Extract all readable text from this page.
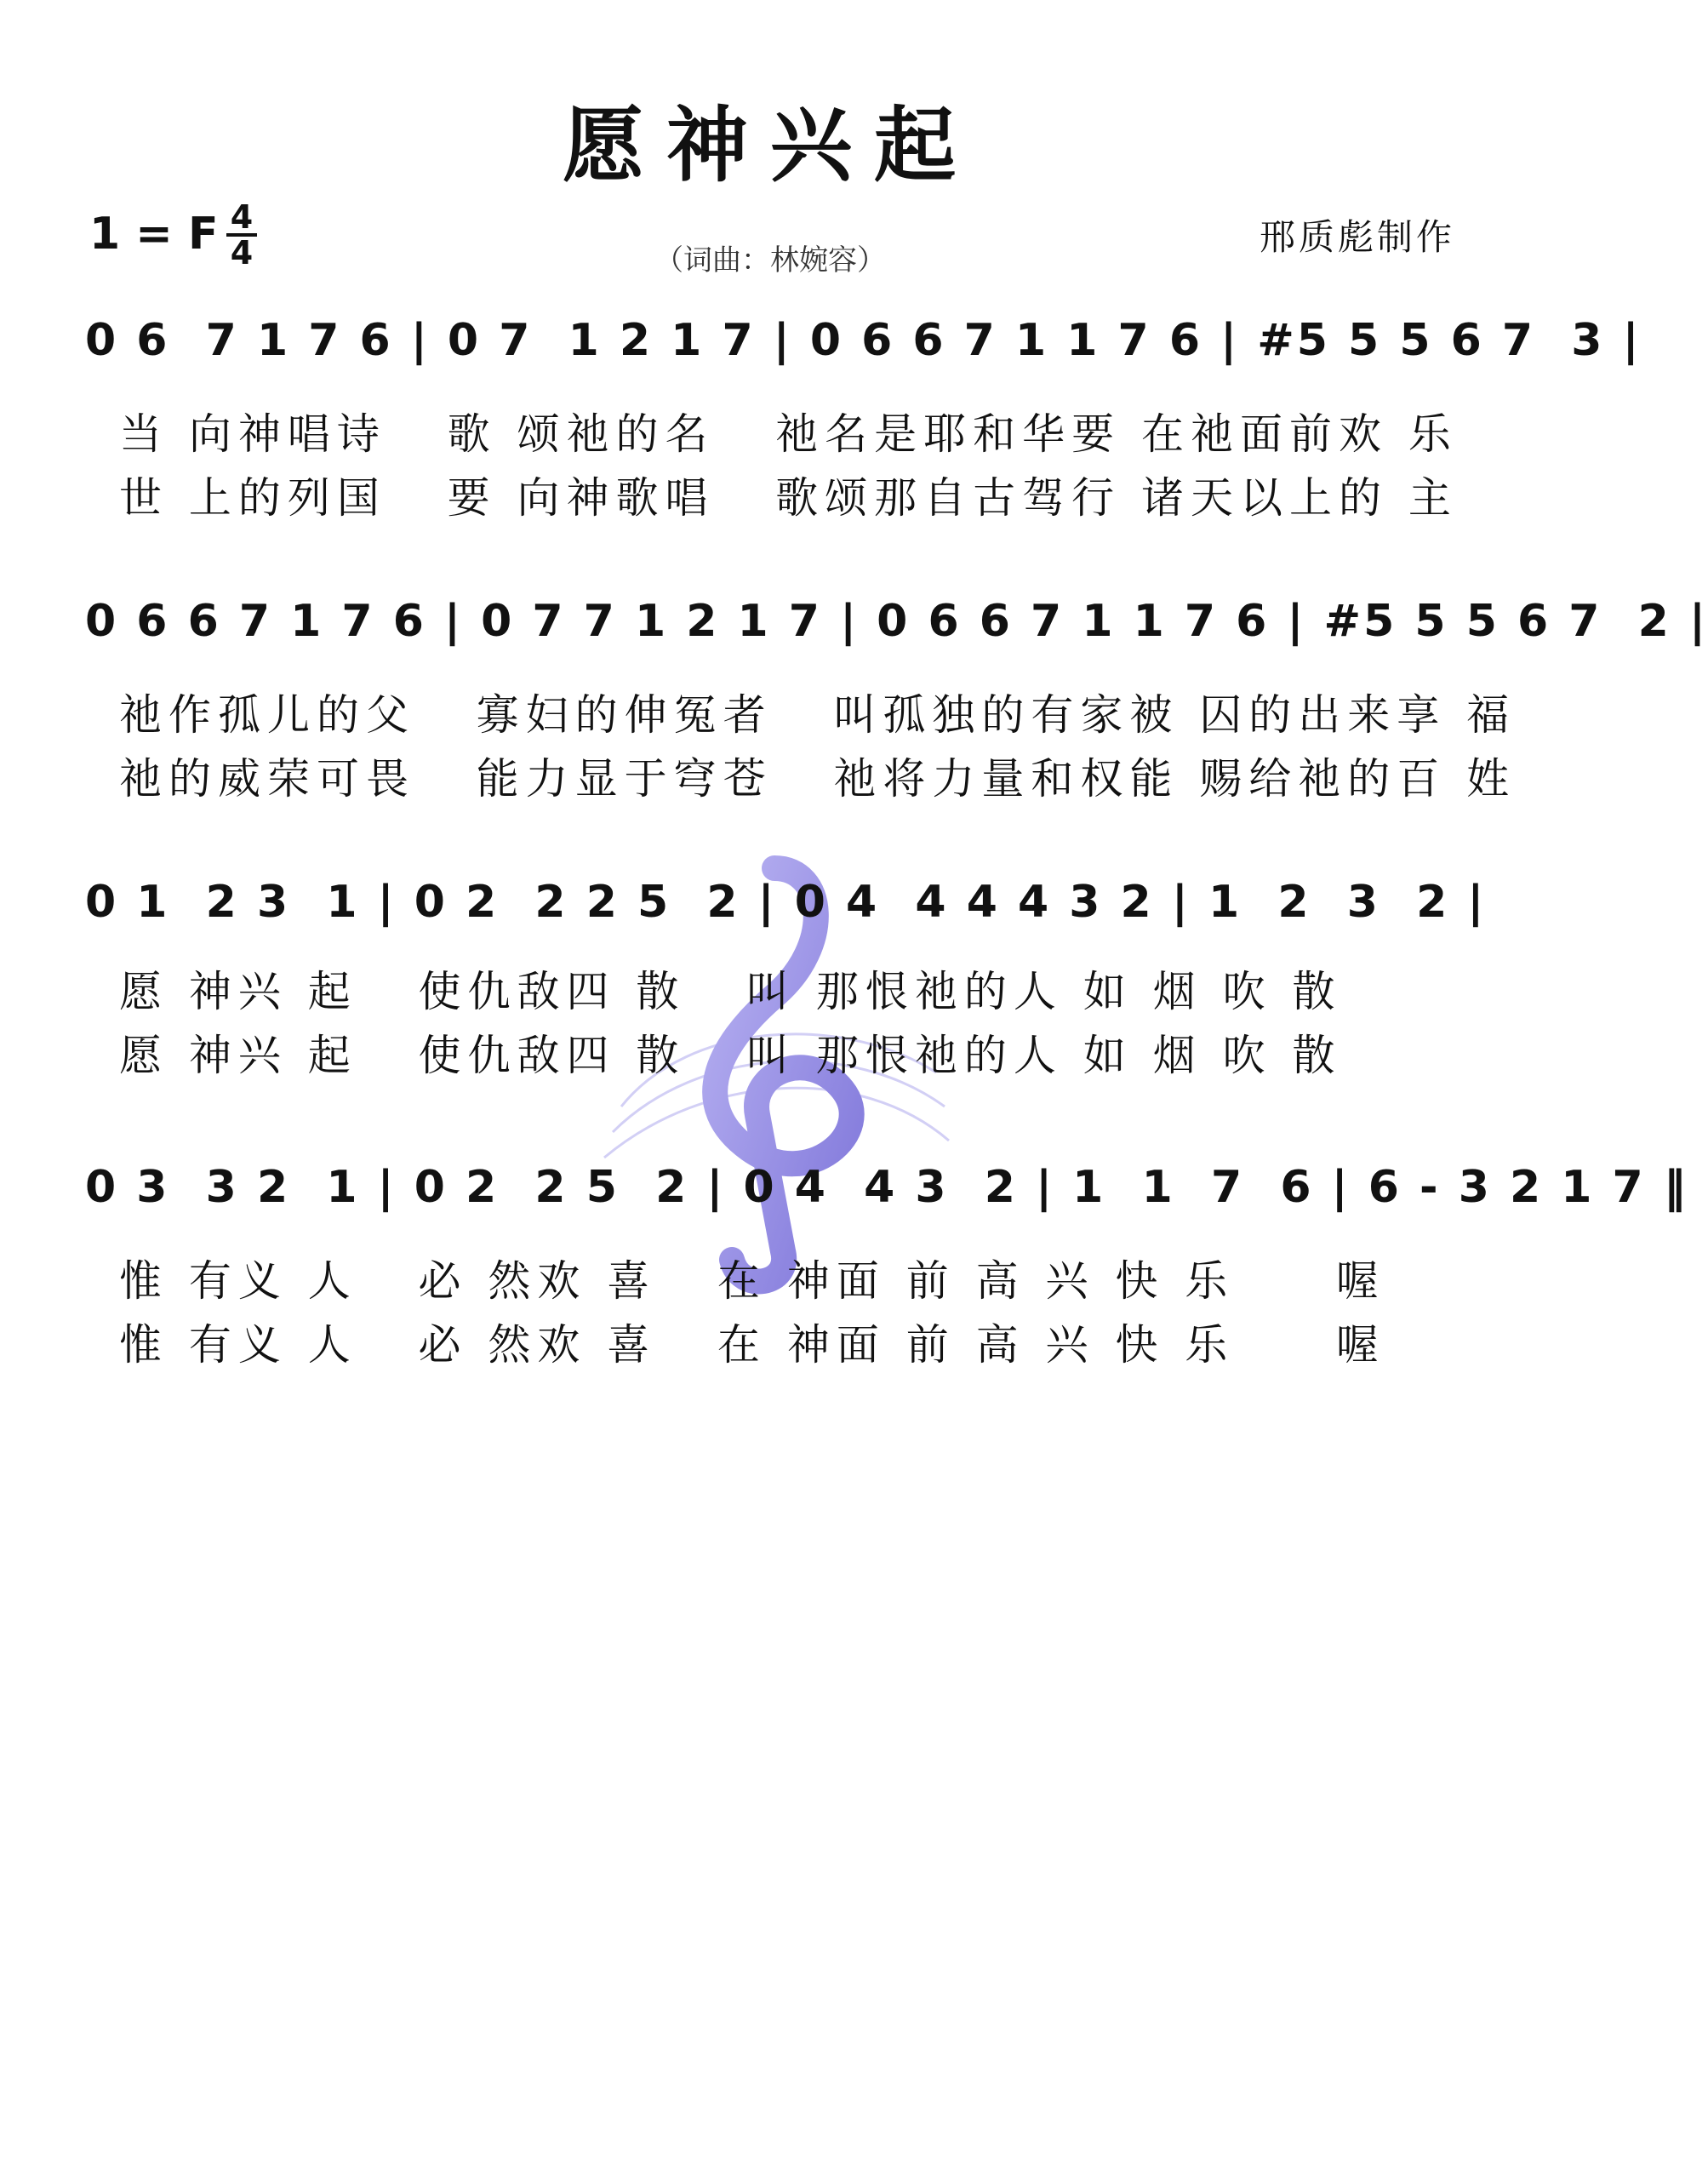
愿神兴起
1 = F 4
4	（词曲：林婉容）
邢质彪制作
0 6  7 1 7 6 | 0 7  1 2 1 7 | 0 6 6 7 1 1 7 6 | #5 5 5 6 7  3 |
当 向神唱诗   歌 颂祂的名   祂名是耶和华要 在祂面前欢 乐
世 上的列国   要 向神歌唱   歌颂那自古驾行 诸天以上的 主
0 6 6 7 1 7 6 | 0 7 7 1 2 1 7 | 0 6 6 7 1 1 7 6 | #5 5 5 6 7  2 |
祂作孤儿的父   寡妇的伸冤者   叫孤独的有家被 囚的出来享 福
祂的威荣可畏   能力显于穹苍   祂将力量和权能 赐给祂的百 姓
0 1  2 3  1 | 0 2  2 2 5  2 | 0 4  4 4 4 3 2 | 1  2  3  2 |
愿 神兴 起   使仇敌四 散   叫 那恨祂的人 如 烟 吹 散
愿 神兴 起   使仇敌四 散   叫 那恨祂的人 如 烟 吹 散
0 3  3 2  1 | 0 2  2 5  2 | 0 4  4 3  2 | 1  1  7  6 | 6 - 3 2 1 7 ‖
惟 有义 人   必 然欢 喜   在 神面 前 高 兴 快 乐     喔
惟 有义 人   必 然欢 喜   在 神面 前 高 兴 快 乐     喔
